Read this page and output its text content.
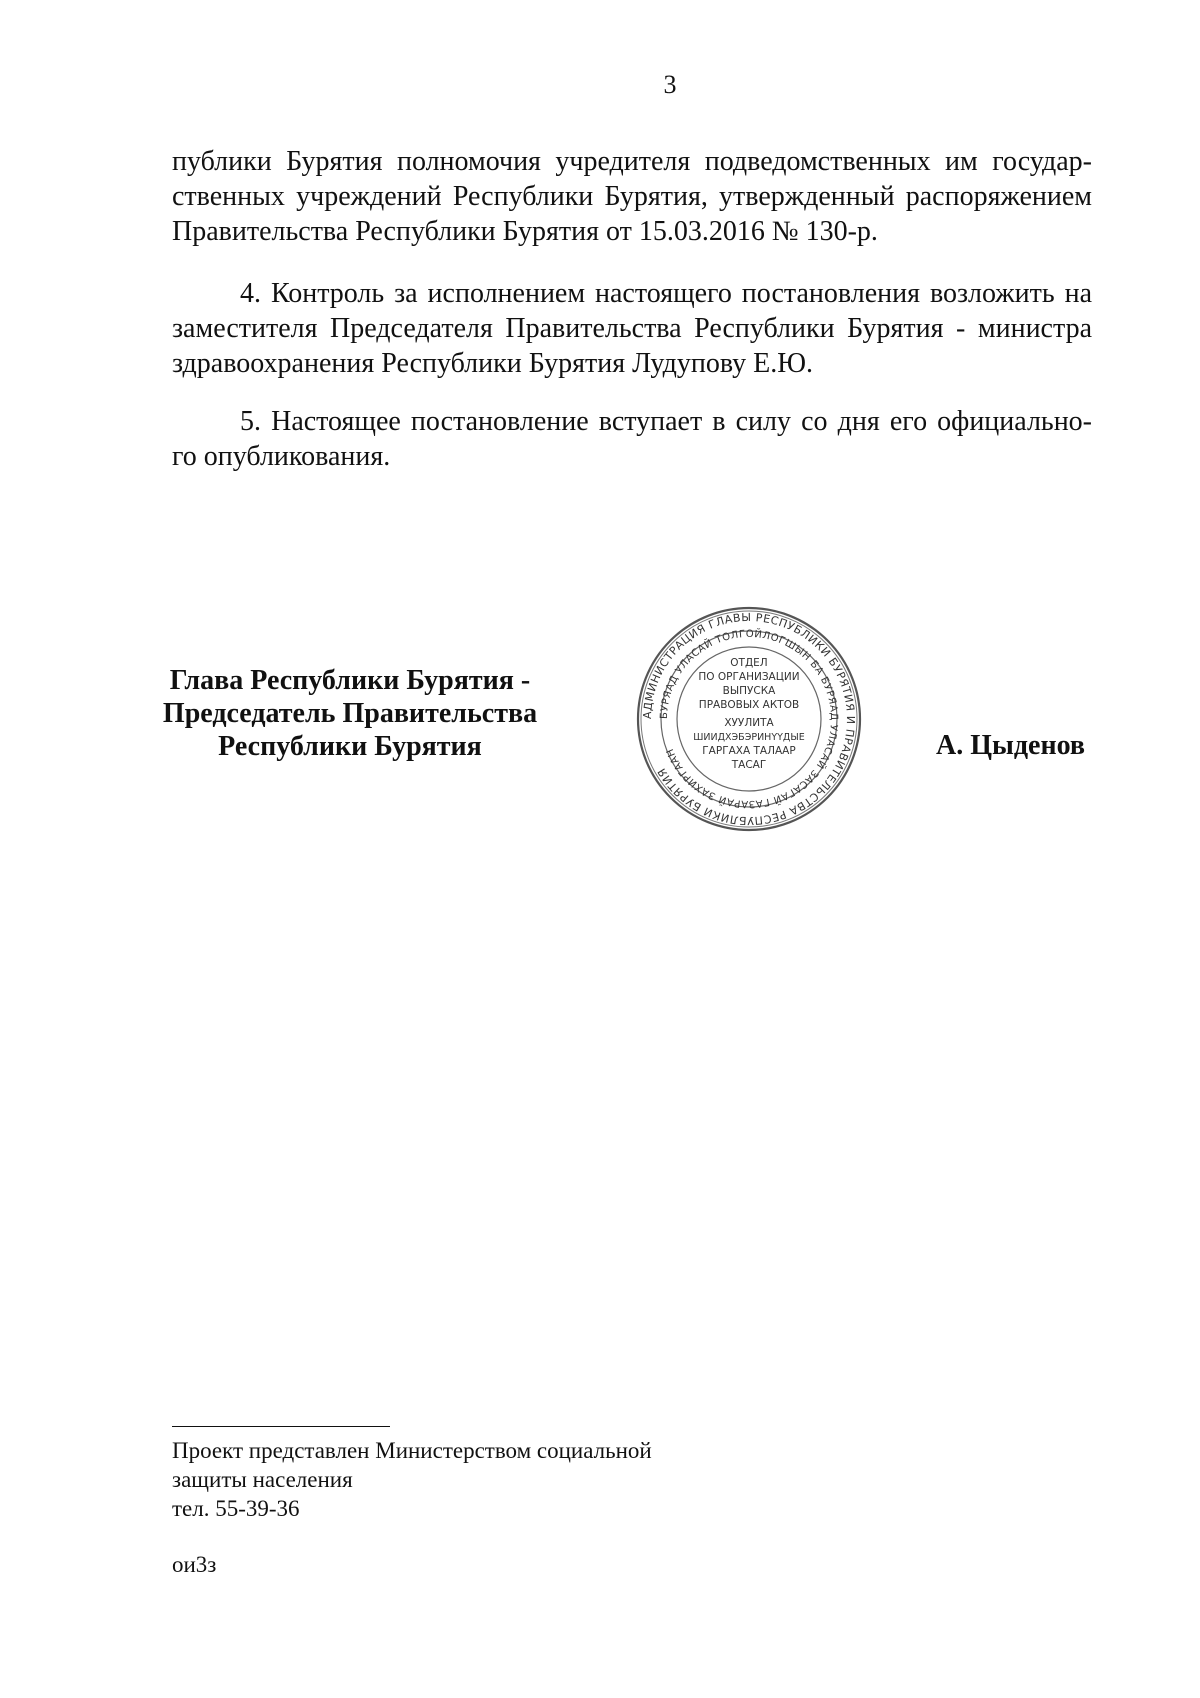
3

публики Бурятия полномочия учредителя подведомственных им государ-
ственных учреждений Республики Бурятия, утвержденный распоряжением
Правительства Республики Бурятия от 15.03.2016 № 130-р.

4. Контроль за исполнением настоящего постановления возложить на
заместителя Председателя Правительства Республики Бурятия - министра
здравоохранения Республики Бурятия Лудупову Е.Ю.

5. Настоящее постановление вступает в силу со дня его официально-
го опубликования.

Глава Республики Бурятия -
Председатель Правительства
Республики Бурятия
АДМИНИСТРАЦИЯ ГЛАВЫ РЕСПУБЛИКИ БУРЯТИЯ И ПРАВИТЕЛЬСТВА РЕСПУБЛИКИ БУРЯТИЯ
БУРЯАД УЛАСАЙ ТОЛГОЙЛОГШЫН БА БУРЯАД УЛАСАЙ ЗАСАГАЙ ГАЗАРАЙ ЗАХИРГААН
ОТДЕЛ
ПО ОРГАНИЗАЦИИ
ВЫПУСКА
ПРАВОВЫХ АКТОВ
ХУУЛИТА
ШИИДХЭБЭРИНҮҮДЫЕ
ГАРГАХА ТАЛААР
ТАСАГ
А. Цыденов
Проект представлен Министерством социальной
защиты населения
тел. 55-39-36
ои3з
